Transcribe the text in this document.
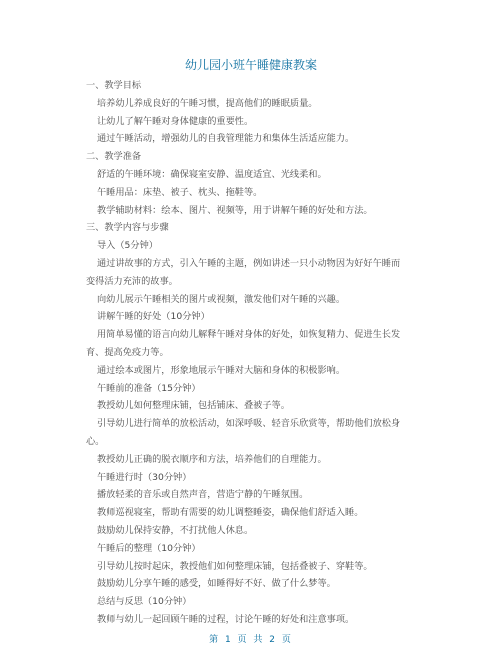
幼儿园小班午睡健康教案
一、教学目标
培养幼儿养成良好的午睡习惯，提高他们的睡眠质量。
让幼儿了解午睡对身体健康的重要性。
通过午睡活动，增强幼儿的自我管理能力和集体生活适应能力。
二、教学准备
舒适的午睡环境：确保寝室安静、温度适宜、光线柔和。
午睡用品：床垫、被子、枕头、拖鞋等。
教学辅助材料：绘本、图片、视频等，用于讲解午睡的好处和方法。
三、教学内容与步骤
导入（5分钟）
通过讲故事的方式，引入午睡的主题，例如讲述一只小动物因为好好午睡而
变得活力充沛的故事。
向幼儿展示午睡相关的图片或视频，激发他们对午睡的兴趣。
讲解午睡的好处（10分钟）
用简单易懂的语言向幼儿解释午睡对身体的好处，如恢复精力、促进生长发
育、提高免疫力等。
通过绘本或图片，形象地展示午睡对大脑和身体的积极影响。
午睡前的准备（15分钟）
教授幼儿如何整理床铺，包括铺床、叠被子等。
引导幼儿进行简单的放松活动，如深呼吸、轻音乐欣赏等，帮助他们放松身
心。
教授幼儿正确的脱衣顺序和方法，培养他们的自理能力。
午睡进行时（30分钟）
播放轻柔的音乐或自然声音，营造宁静的午睡氛围。
教师巡视寝室，帮助有需要的幼儿调整睡姿，确保他们舒适入睡。
鼓励幼儿保持安静，不打扰他人休息。
午睡后的整理（10分钟）
引导幼儿按时起床，教授他们如何整理床铺，包括叠被子、穿鞋等。
鼓励幼儿分享午睡的感受，如睡得好不好、做了什么梦等。
总结与反思（10分钟）
教师与幼儿一起回顾午睡的过程，讨论午睡的好处和注意事项。
第 1 页 共 2 页
